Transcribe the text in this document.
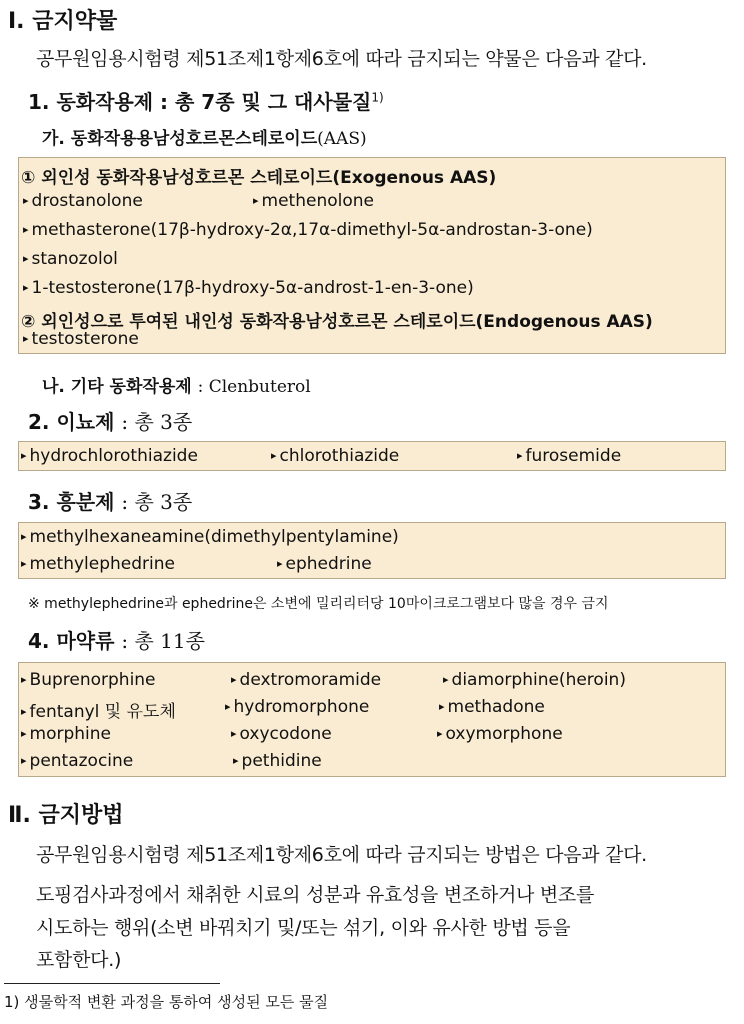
Ⅰ. 금지약물
공무원임용시험령 제51조제1항제6호에 따라 금지되는 약물은 다음과 같다.
1. 동화작용제 : 총 7종 및 그 대사물질$^{1)}$
가. 동화작용용남성호르몬스테로이드(AAS)
① 외인성 동화작용남성호르몬 스테로이드(Exogenous AAS)
▸ drostanolone	▸ methenolone
▸ methasterone(17β-hydroxy-2α,17α-dimethyl-5α-androstan-3-one)
▸ stanozolol
▸ 1-testosterone(17β-hydroxy-5α-androst-1-en-3-one)
② 외인성으로 투여된 내인성 동화작용남성호르몬 스테로이드(Endogenous AAS)
▸ testosterone
나. 기타 동화작용제 : Clenbuterol
2. 이뇨제 : 총 3종
▸ hydrochlorothiazide	▸ chlorothiazide	▸ furosemide
3. 흥분제 : 총 3종
▸ methylhexaneamine(dimethylpentylamine)
▸ methylephedrine	▸ ephedrine
※ methylephedrine과 ephedrine은 소변에 밀리리터당 10마이크로그램보다 많을 경우 금지
4. 마약류 : 총 11종
▸ Buprenorphine	▸ dextromoramide	▸ diamorphine(heroin)
▸ fentanyl 및 유도체	▸ hydromorphone	▸ methadone
▸ morphine	▸ oxycodone	▸ oxymorphone
▸ pentazocine	▸ pethidine
Ⅱ. 금지방법
공무원임용시험령 제51조제1항제6호에 따라 금지되는 방법은 다음과 같다.
도핑검사과정에서 채취한 시료의 성분과 유효성을 변조하거나 변조를
시도하는 행위(소변 바꿔치기 및/또는 섞기, 이와 유사한 방법 등을
포함한다.)
1) 생물학적 변환 과정을 통하여 생성된 모든 물질
